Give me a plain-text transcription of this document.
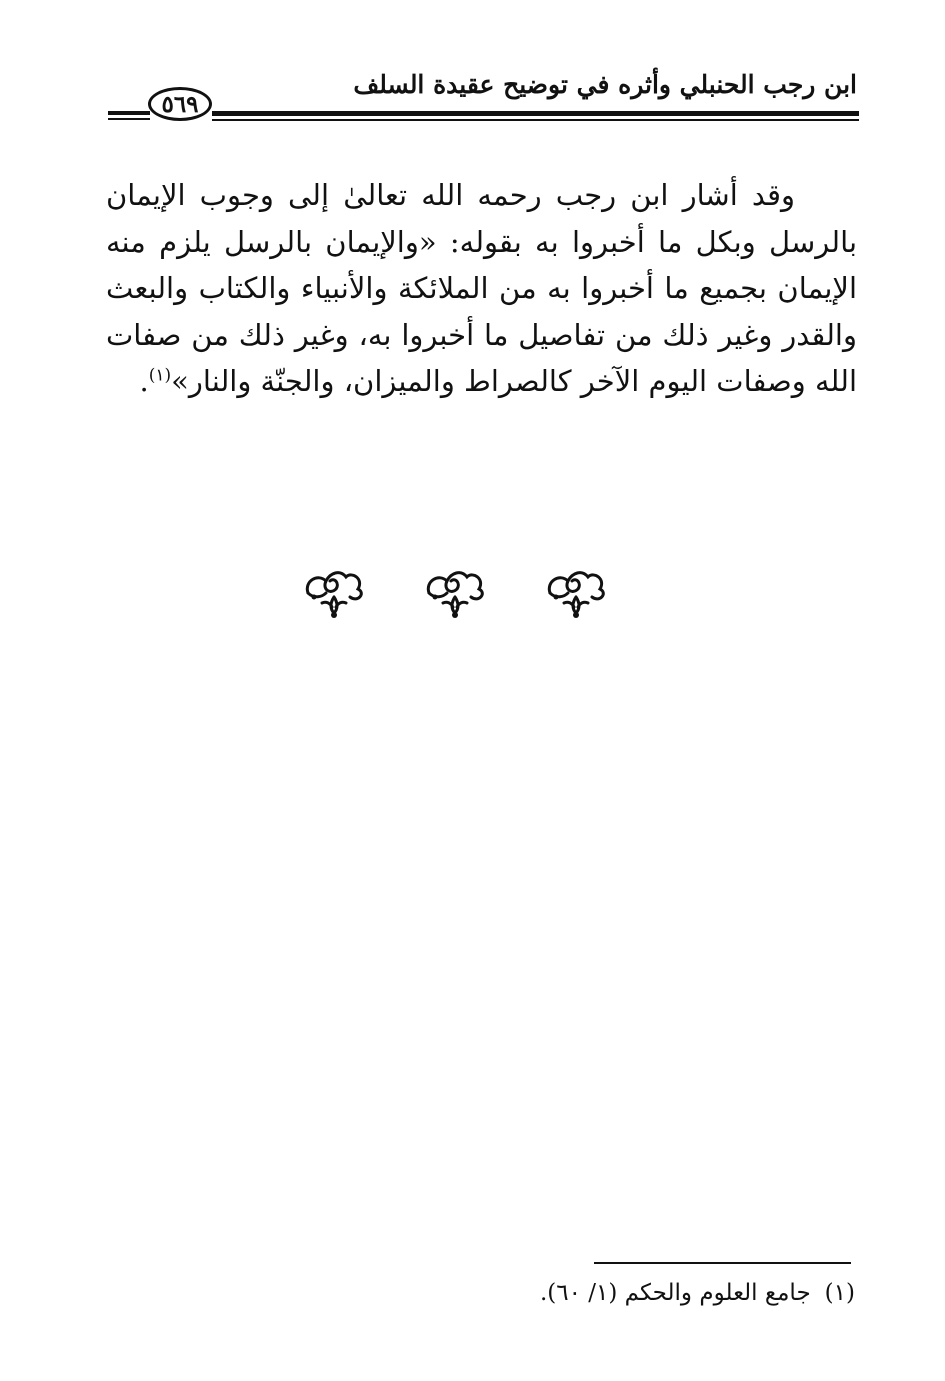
ابن رجب الحنبلي وأثره في توضيح عقيدة السلف
٥٦٩

وقد أشار ابن رجب رحمه الله تعالىٰ إلى وجوب الإيمان بالرسل وبكل ما أخبروا به بقوله: «والإيمان بالرسل يلزم منه الإيمان بجميع ما أخبروا به من الملائكة والأنبياء والكتاب والبعث والقدر وغير ذلك من تفاصيل ما أخبروا به، وغير ذلك من صفات الله وصفات اليوم الآخر كالصراط والميزان، والجنّة والنار»$^{(١)}$.

(١)جامع العلوم والحكم (١/ ٦٠).
